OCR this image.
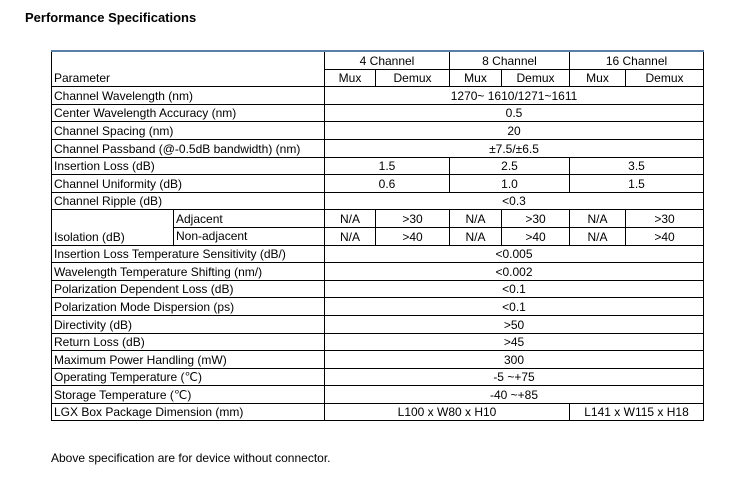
Performance Specifications
Parameter		4 Channel		8 Channel		16 Channel	
		Mux	Demux	Mux	Demux	Mux	Demux
Channel Wavelength (nm)		1270~ 1610/1271~1611					
Center Wavelength Accuracy (nm)		0.5					
Channel Spacing (nm)		20					
Channel Passband (@-0.5dB bandwidth) (nm)		±7.5/±6.5					
Insertion Loss (dB)		1.5		2.5		3.5	
Channel Uniformity (dB)		0.6		1.0		1.5	
Channel Ripple (dB)		<0.3					
Isolation (dB)	Adjacent	N/A	>30	N/A	>30	N/A	>30
	Non-adjacent	N/A	>40	N/A	>40	N/A	>40
Insertion Loss Temperature Sensitivity (dB/)		<0.005					
Wavelength Temperature Shifting (nm/)		<0.002					
Polarization Dependent Loss (dB)		<0.1					
Polarization Mode Dispersion (ps)		<0.1					
Directivity (dB)		>50					
Return Loss (dB)		>45					
Maximum Power Handling (mW)		300					
Operating Temperature (℃)		-5 ~+75					
Storage Temperature (℃)		-40 ~+85					
LGX Box Package Dimension (mm)		L100 x W80 x H10				L141 x W115 x H18	
Above specification are for device without connector.
